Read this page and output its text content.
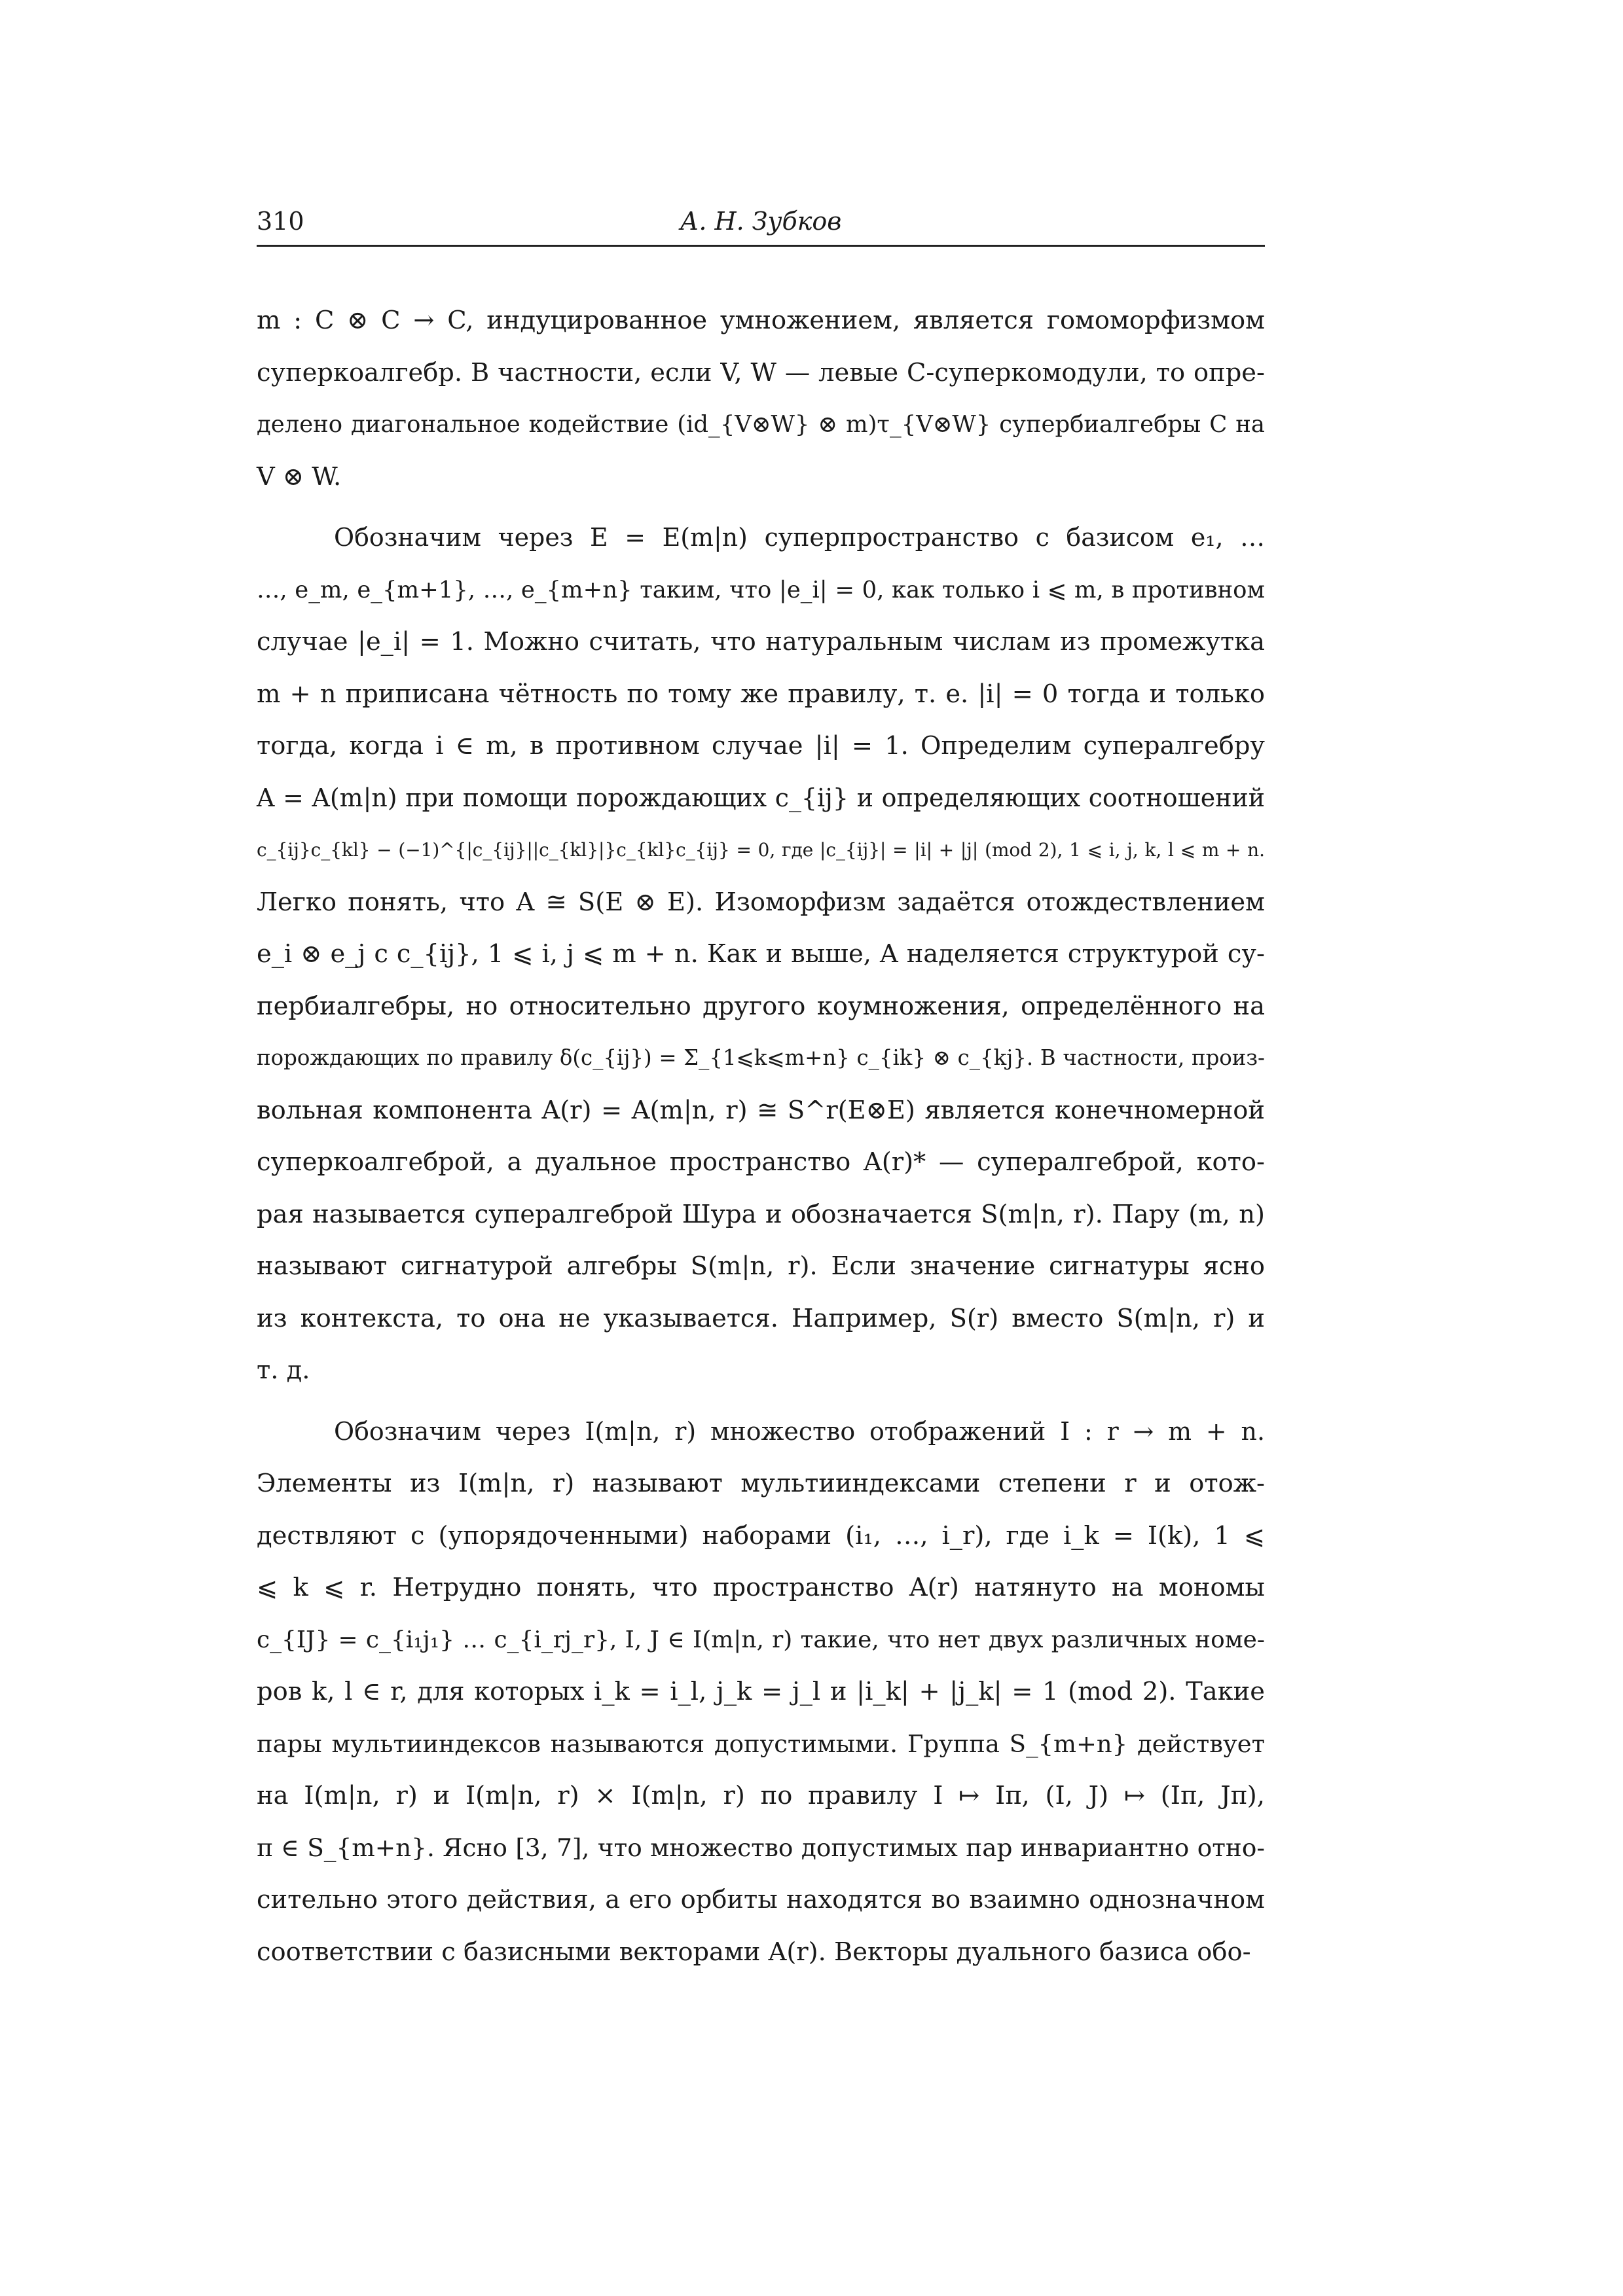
310	А. Н. Зубков
m : C ⊗ C → C, индуцированное умножением, является гомоморфизмом
суперкоалгебр. В частности, если V, W — левые C-суперкомодули, то опре-
делено диагональное кодействие (id_{V⊗W} ⊗ m)τ_{V⊗W} супербиалгебры C на
V ⊗ W.
Обозначим через E = E(m|n) суперпространство с базисом e₁, …
…, e_m, e_{m+1}, …, e_{m+n} таким, что |e_i| = 0, как только i ⩽ m, в противном
случае |e_i| = 1. Можно считать, что натуральным числам из промежутка
m + n приписана чётность по тому же правилу, т. е. |i| = 0 тогда и только
тогда, когда i ∈ m, в противном случае |i| = 1. Определим супералгебру
A = A(m|n) при помощи порождающих c_{ij} и определяющих соотношений
c_{ij}c_{kl} − (−1)^{|c_{ij}||c_{kl}|}c_{kl}c_{ij} = 0, где |c_{ij}| = |i| + |j| (mod 2), 1 ⩽ i, j, k, l ⩽ m + n.
Легко понять, что A ≅ S(E ⊗ E). Изоморфизм задаётся отождествлением
e_i ⊗ e_j с c_{ij}, 1 ⩽ i, j ⩽ m + n. Как и выше, A наделяется структурой су-
пербиалгебры, но относительно другого коумножения, определённого на
порождающих по правилу δ(c_{ij}) = Σ_{1⩽k⩽m+n} c_{ik} ⊗ c_{kj}. В частности, произ-
вольная компонента A(r) = A(m|n, r) ≅ S^r(E⊗E) является конечномерной
суперкоалгеброй, а дуальное пространство A(r)* — супералгеброй, кото-
рая называется супералгеброй Шура и обозначается S(m|n, r). Пару (m, n)
называют сигнатурой алгебры S(m|n, r). Если значение сигнатуры ясно
из контекста, то она не указывается. Например, S(r) вместо S(m|n, r) и
т. д.
Обозначим через I(m|n, r) множество отображений I : r → m + n.
Элементы из I(m|n, r) называют мультииндексами степени r и отож-
дествляют с (упорядоченными) наборами (i₁, …, i_r), где i_k = I(k), 1 ⩽
⩽ k ⩽ r. Нетрудно понять, что пространство A(r) натянуто на мономы
c_{IJ} = c_{i₁j₁} … c_{i_rj_r}, I, J ∈ I(m|n, r) такие, что нет двух различных номе-
ров k, l ∈ r, для которых i_k = i_l, j_k = j_l и |i_k| + |j_k| = 1 (mod 2). Такие
пары мультииндексов называются допустимыми. Группа S_{m+n} действует
на I(m|n, r) и I(m|n, r) × I(m|n, r) по правилу I ↦ Iπ, (I, J) ↦ (Iπ, Jπ),
π ∈ S_{m+n}. Ясно [3, 7], что множество допустимых пар инвариантно отно-
сительно этого действия, а его орбиты находятся во взаимно однозначном
соответствии с базисными векторами A(r). Векторы дуального базиса обо-
